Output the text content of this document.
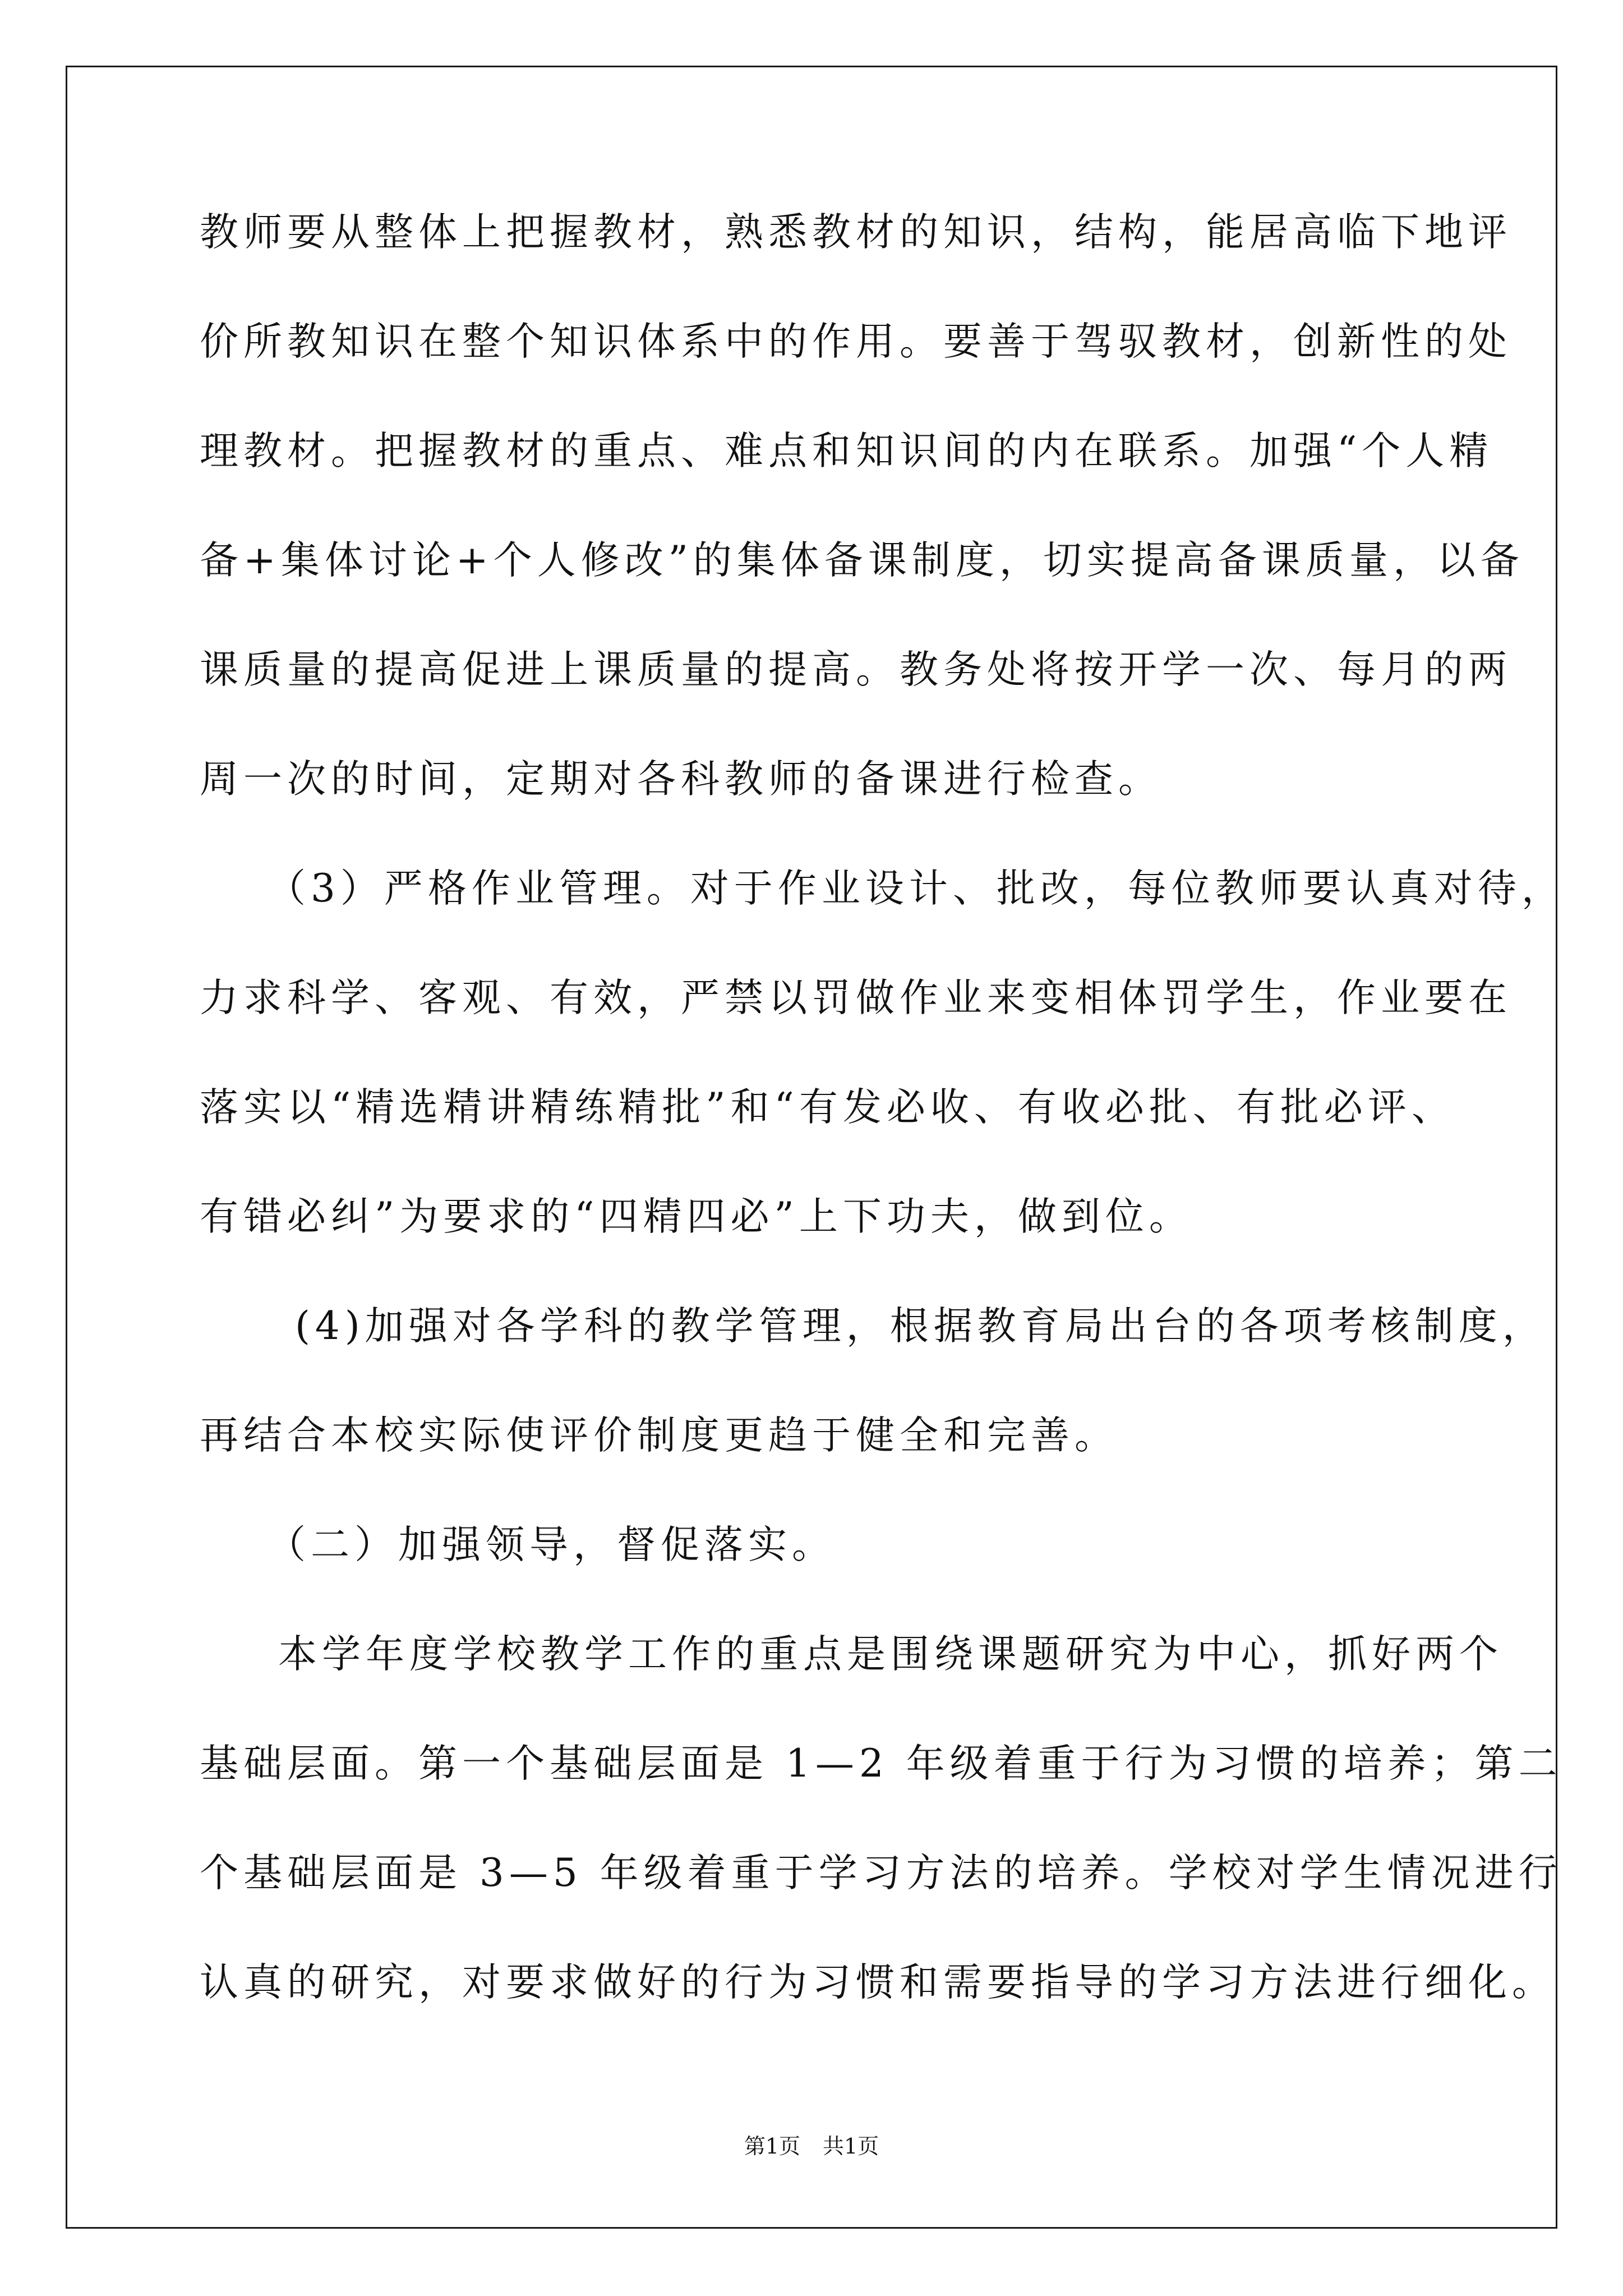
教师要从整体上把握教材，熟悉教材的知识，结构，能居高临下地评
价所教知识在整个知识体系中的作用。要善于驾驭教材，创新性的处
理教材。把握教材的重点、难点和知识间的内在联系。加强“个人精
备+集体讨论+个人修改”的集体备课制度，切实提高备课质量，以备
课质量的提高促进上课质量的提高。教务处将按开学一次、每月的两
周一次的时间，定期对各科教师的备课进行检查。
（3）严格作业管理。对于作业设计、批改，每位教师要认真对待，
力求科学、客观、有效，严禁以罚做作业来变相体罚学生，作业要在
落实以“精选精讲精练精批”和“有发必收、有收必批、有批必评、
有错必纠”为要求的“四精四必”上下功夫，做到位。
(4)加强对各学科的教学管理，根据教育局出台的各项考核制度，
再结合本校实际使评价制度更趋于健全和完善。
（二）加强领导，督促落实。
本学年度学校教学工作的重点是围绕课题研究为中心，抓好两个
基础层面。第一个基础层面是 1—2 年级着重于行为习惯的培养；第二
个基础层面是 3—5 年级着重于学习方法的培养。学校对学生情况进行
认真的研究，对要求做好的行为习惯和需要指导的学习方法进行细化。
第1页 共1页
